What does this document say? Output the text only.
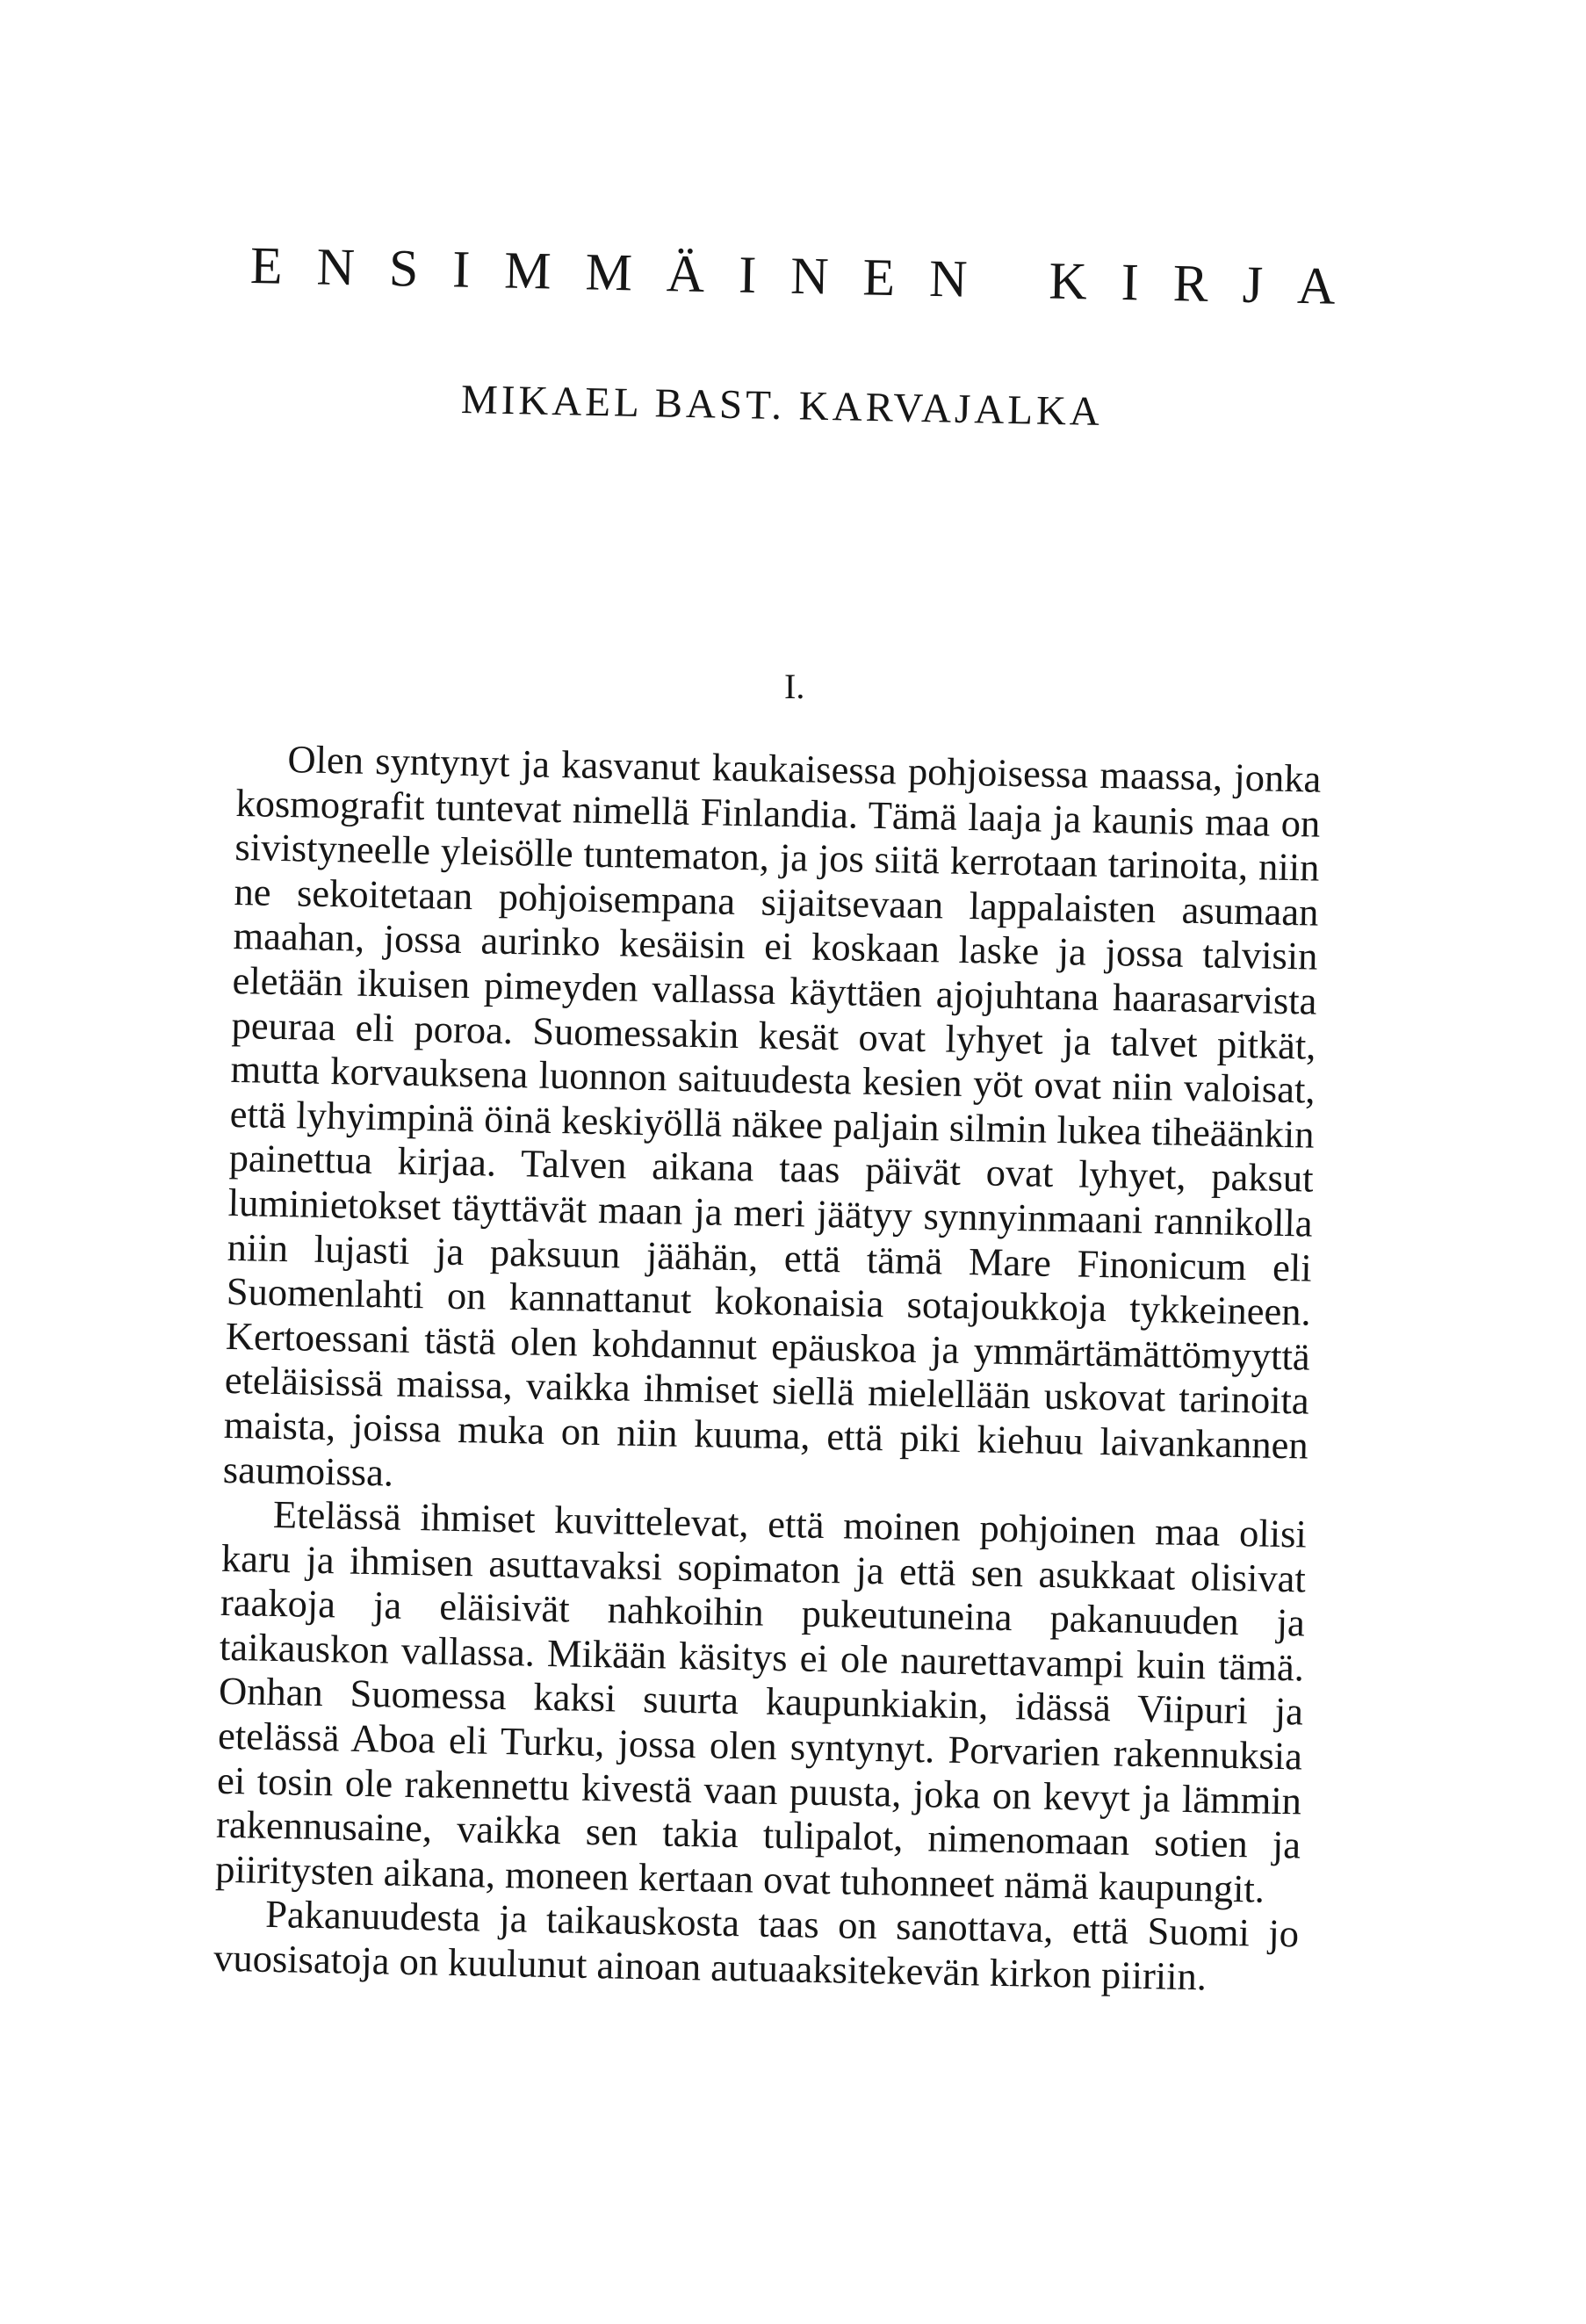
ENSIMMÄINEN KIRJA
MIKAEL BAST. KARVAJALKA
I.

Olen syntynyt ja kasvanut kaukaisessa pohjoisessa maassa, jonka kosmografit tuntevat nimellä Finlandia. Tämä laaja ja kaunis maa on sivistyneelle yleisölle tuntematon, ja jos siitä kerrotaan tarinoita, niin ne sekoitetaan pohjoisempana sijaitsevaan lappalaisten asumaan maahan, jossa aurinko kesäisin ei koskaan laske ja jossa talvisin eletään ikuisen pimeyden vallassa käyttäen ajojuhtana haarasarvista peuraa eli poroa. Suomessakin kesät ovat lyhyet ja talvet pitkät, mutta korvauksena luonnon saituudesta kesien yöt ovat niin valoisat, että lyhyimpinä öinä keskiyöllä näkee paljain silmin lukea tiheäänkin painettua kirjaa. Talven aikana taas päivät ovat lyhyet, paksut luminietokset täyttävät maan ja meri jäätyy synnyinmaani rannikolla niin lujasti ja paksuun jäähän, että tämä Mare Finonicum eli Suomenlahti on kannattanut kokonaisia sotajoukkoja tykkeineen. Kertoessani tästä olen kohdannut epäuskoa ja ymmärtämättömyyttä eteläisissä maissa, vaikka ihmiset siellä mielellään uskovat tarinoita maista, joissa muka on niin kuuma, että piki kiehuu laivankannen saumoissa.

Etelässä ihmiset kuvittelevat, että moinen pohjoinen maa olisi karu ja ihmisen asuttavaksi sopimaton ja että sen asukkaat olisivat raakoja ja eläisivät nahkoihin pukeutuneina pakanuuden ja taikauskon vallassa. Mikään käsitys ei ole naurettavampi kuin tämä. Onhan Suomessa kaksi suurta kaupunkiakin, idässä Viipuri ja etelässä Aboa eli Turku, jossa olen syntynyt. Porvarien rakennuksia ei tosin ole rakennettu kivestä vaan puusta, joka on kevyt ja lämmin rakennusaine, vaikka sen takia tulipalot, nimenomaan sotien ja piiritysten aikana, moneen kertaan ovat tuhonneet nämä kaupungit.

Pakanuudesta ja taikauskosta taas on sanottava, että Suomi jo vuosisatoja on kuulunut ainoan autuaaksitekevän kirkon piiriin.
